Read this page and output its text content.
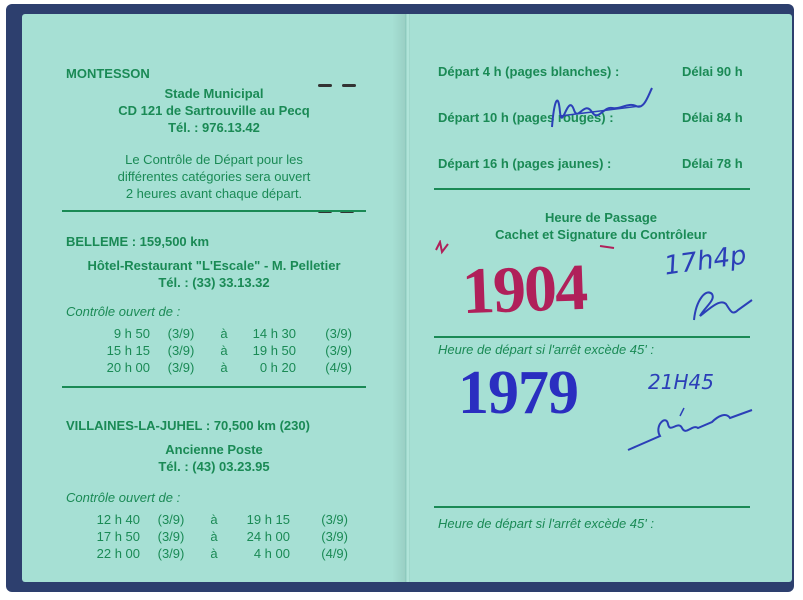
MONTESSON
Stade Municipal
CD 121 de Sartrouville au Pecq
Tél. : 976.13.42
Le Contrôle de Départ pour les
différentes catégories sera ouvert
2 heures avant chaque départ.
BELLEME : 159,500 km
Hôtel-Restaurant "L'Escale" - M. Pelletier
Tél. : (33) 33.13.32
Contrôle ouvert de :
9 h 50	(3/9)	à	14 h 30	(3/9)
15 h 15	(3/9)	à	19 h 50	(3/9)
20 h 00	(3/9)	à	0 h 20	(4/9)
VILLAINES-LA-JUHEL : 70,500 km (230)
Ancienne Poste
Tél. : (43) 03.23.95
Contrôle ouvert de :
12 h 40	(3/9)	à	19 h 15	(3/9)
17 h 50	(3/9)	à	24 h 00	(3/9)
22 h 00	(3/9)	à	4 h 00	(4/9)
Départ 4 h (pages blanches) :	Délai 90 h
Départ 10 h (pages rouges) :	Délai 84 h
Départ 16 h (pages jaunes) :	Délai 78 h
Heure de Passage
Cachet et Signature du Contrôleur
1904	17h4p
Heure de départ si l'arrêt excède 45' :
1979	21H45
Heure de départ si l'arrêt excède 45' :
